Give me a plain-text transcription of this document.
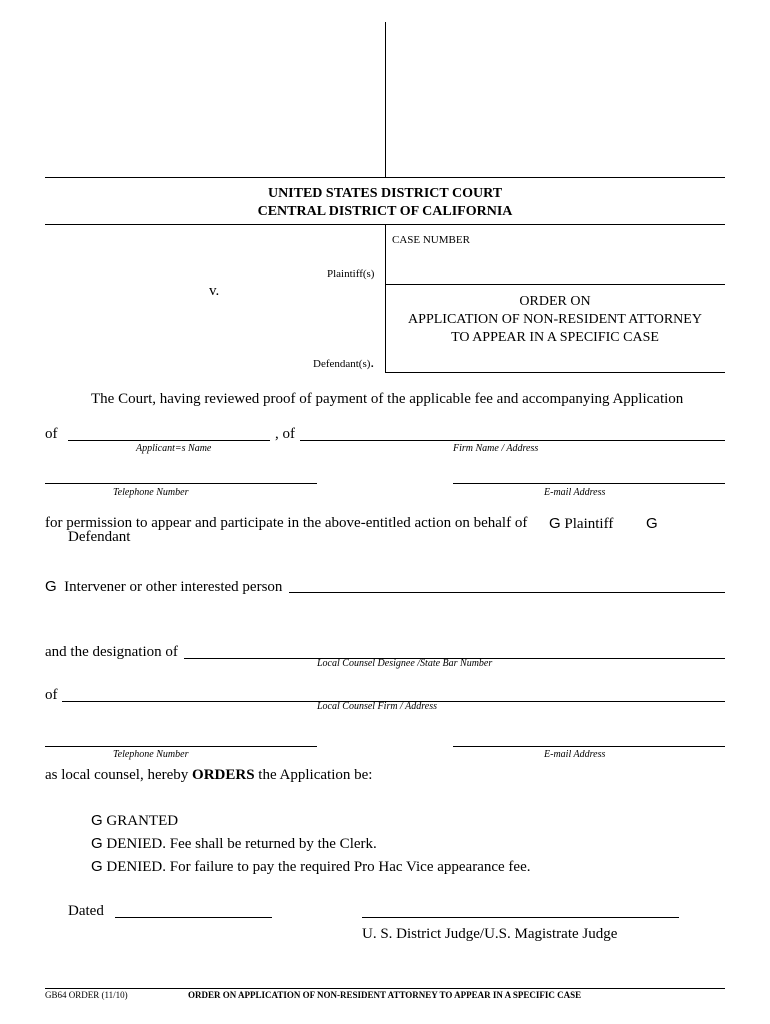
UNITED STATES DISTRICT COURT
CENTRAL DISTRICT OF CALIFORNIA
CASE NUMBER
Plaintiff(s)
v.
ORDER ON
APPLICATION OF NON-RESIDENT ATTORNEY
TO APPEAR IN A SPECIFIC CASE
Defendant(s).
The Court, having reviewed proof of payment of the applicable fee and accompanying Application
of	, of
Applicant=s Name	Firm Name / Address
Telephone Number	E-mail Address
for permission to appear and participate in the above-entitled action on behalf of G Plaintiff G
Defendant
G Intervener or other interested person
and the designation of
Local Counsel Designee /State Bar Number
of
Local Counsel Firm / Address
Telephone Number	E-mail Address
as local counsel, hereby ORDERS the Application be:
G GRANTED
G DENIED. Fee shall be returned by the Clerk.
G DENIED. For failure to pay the required Pro Hac Vice appearance fee.
Dated
U. S. District Judge/U.S. Magistrate Judge
GB64 ORDER (11/10)	ORDER ON APPLICATION OF NON-RESIDENT ATTORNEY TO APPEAR IN A SPECIFIC CASE
